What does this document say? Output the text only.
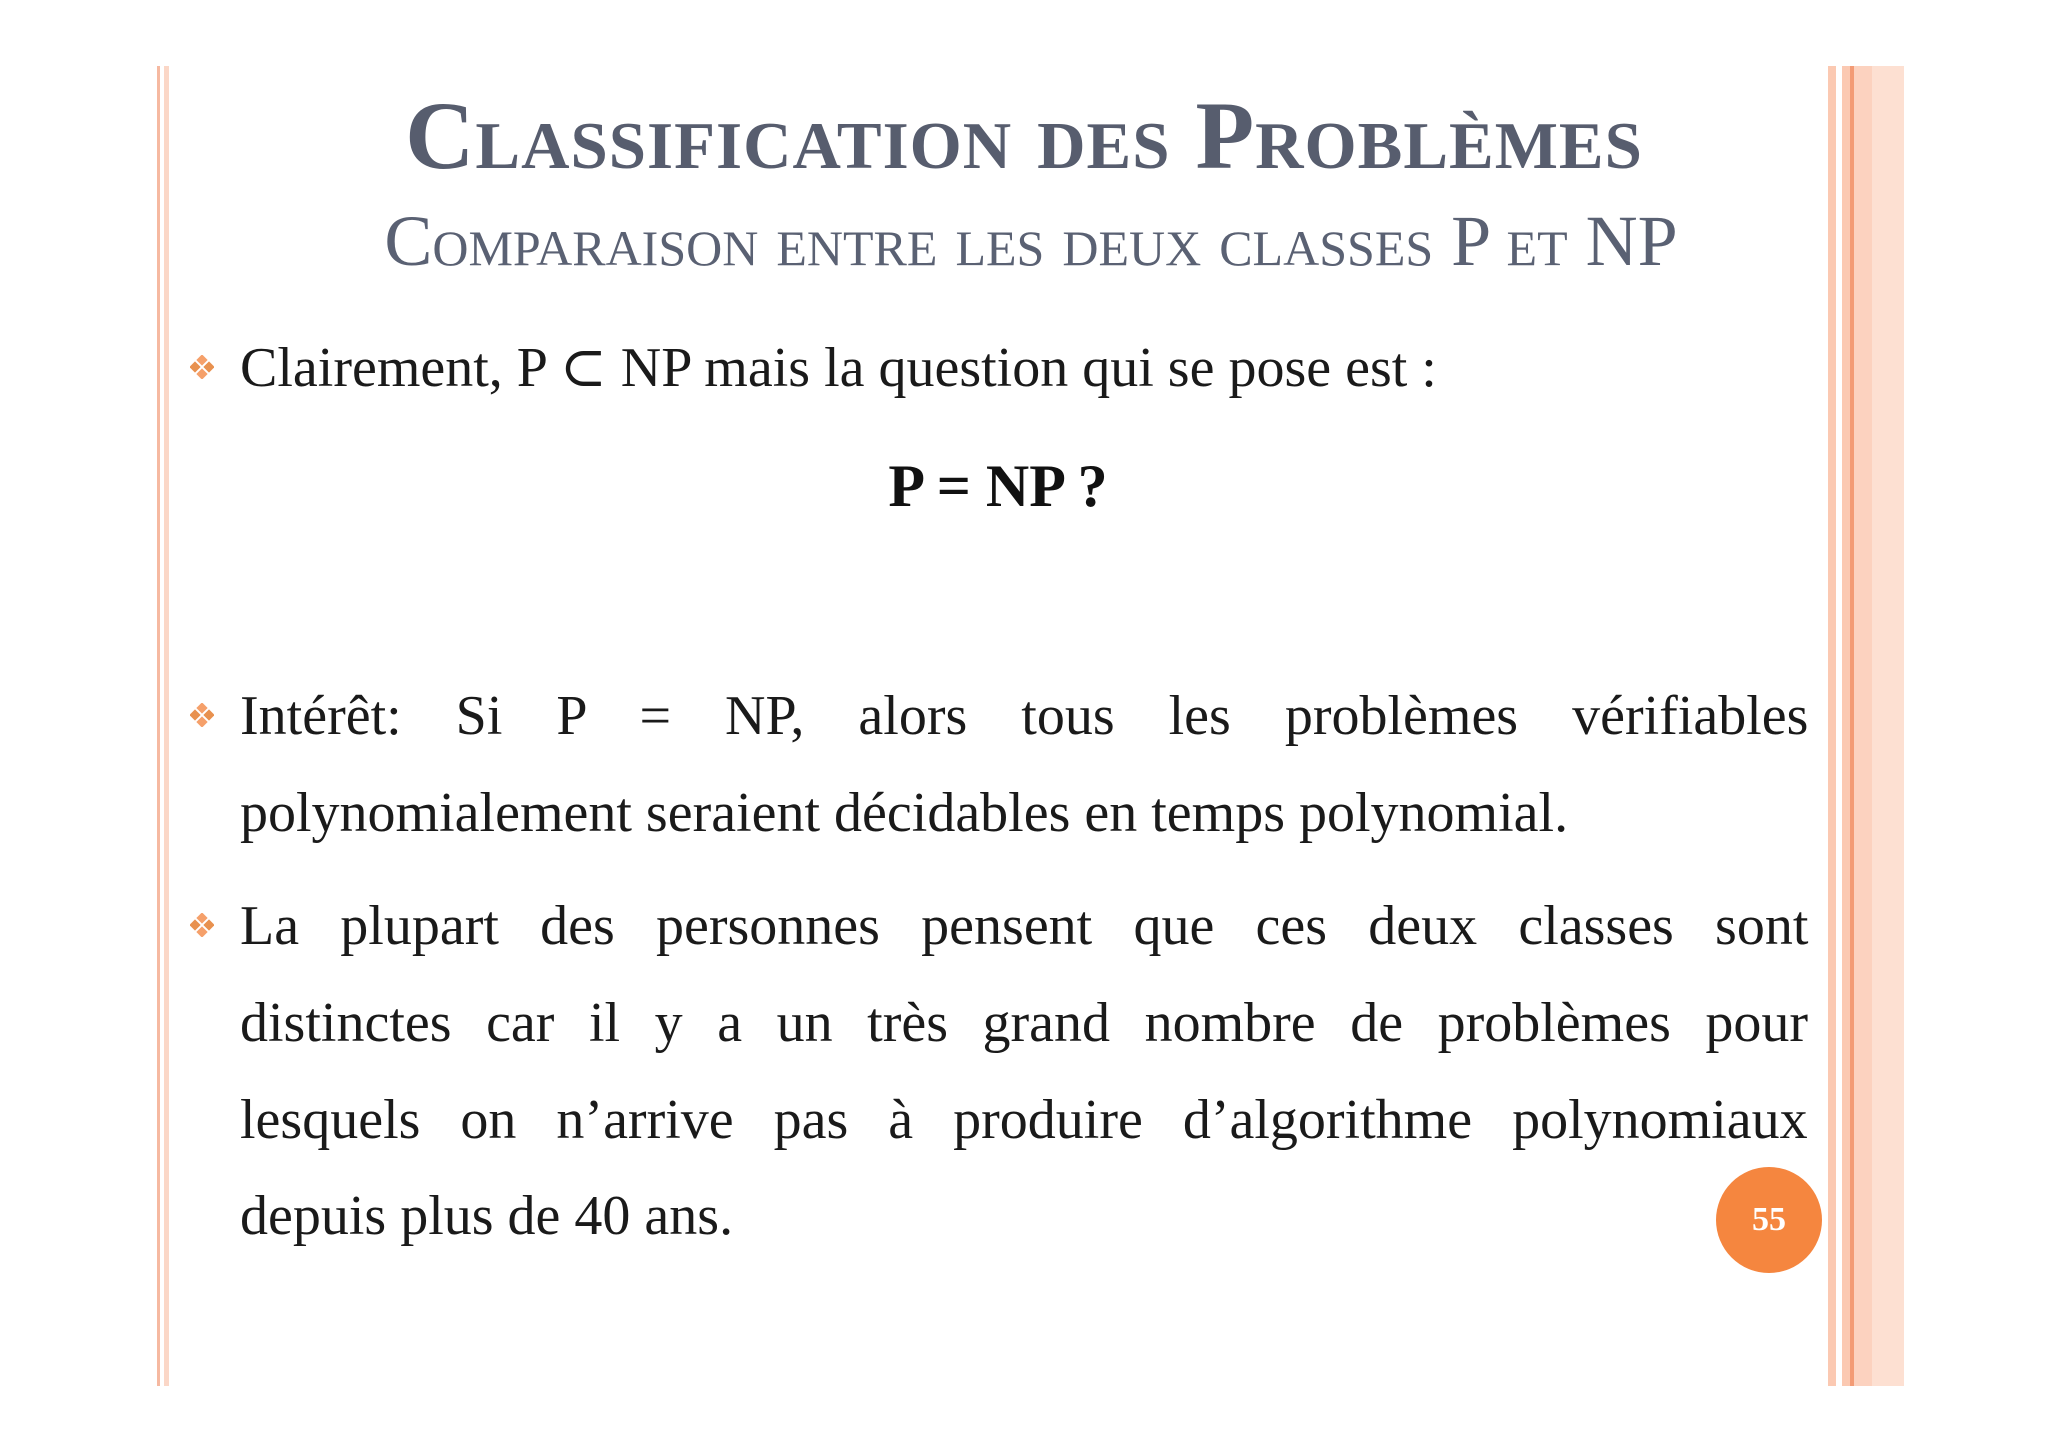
Classification des Problèmes
Comparaison entre les deux classes P et NP
Clairement, P ⊂ NP mais la question qui se pose est :
P = NP ?
Intérêt: Si P = NP, alors tous les problèmes vérifiables
polynomialement seraient décidables en temps polynomial.
La plupart des personnes pensent que ces deux classes sont
distinctes car il y a un très grand nombre de problèmes pour
lesquels on n’arrive pas à produire d’algorithme polynomiaux
depuis plus de 40 ans.	55
